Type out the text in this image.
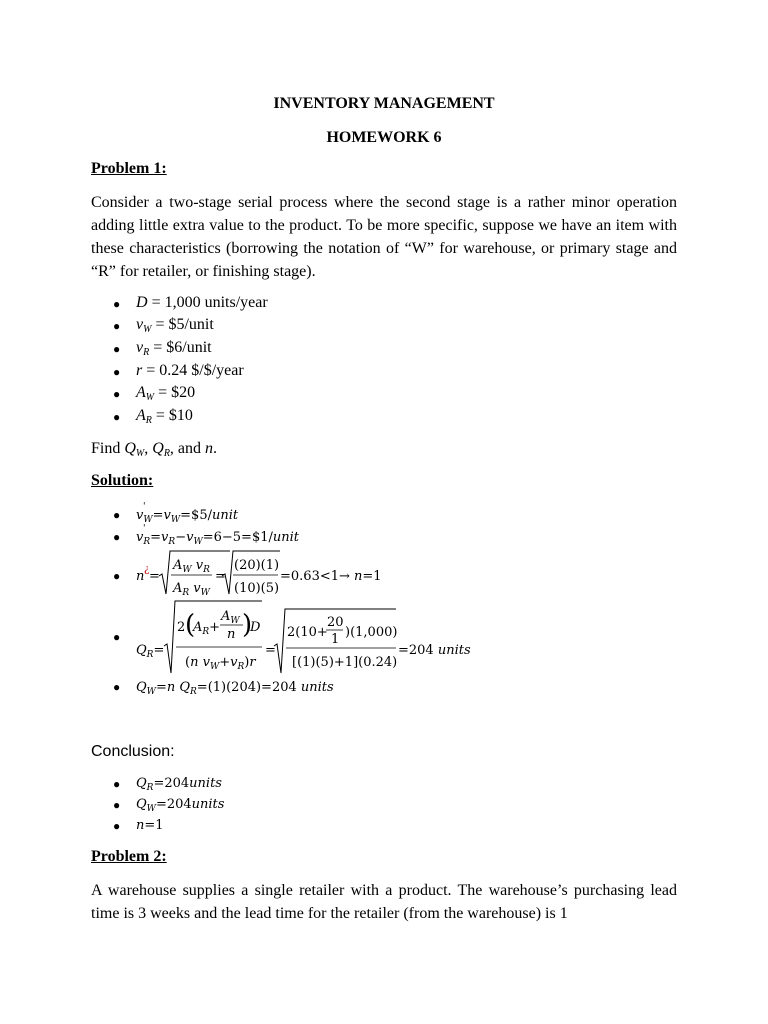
INVENTORY MANAGEMENT
HOMEWORK 6
Problem 1:
Consider a two-stage serial process where the second stage is a rather minor operation adding little extra value to the product. To be more specific, suppose we have an item with these characteristics (borrowing the notation of “W” for warehouse, or primary stage and “R” for retailer, or finishing stage).
● D = 1,000 units/year
● vW = $5/unit
● vR = $6/unit
● r = 0.24 $/$/year
● AW = $20
● AR = $10
Find QW, QR, and n.
Solution:
●
●
●
●
●
$v_W=v_W=\$5$/unit
'
$v_R=v_R-v_W=6-5=\$1$/unit
'
n ¿ =
$A_W$ $v_R$
$A_R$ $v_W$
=
(20)(1)
(10)(5)
=0.63<1→ n=1
$Q_R=$
2 (
$A_R+$
$A_W$
n )
D
(n $v_W+v_R)r$
=
2(10+
20
1 )(1,000)
[(1)(5)+1](0.24)
=204 units
$Q_W=n$ $Q_R=(1)(204)=204$ units
Conclusion:
●
●
●
$Q_R=204units$
$Q_W=204units$
n=1
Problem 2:
A warehouse supplies a single retailer with a product. The warehouse’s purchasing lead time is 3 weeks and the lead time for the retailer (from the warehouse) is 1
